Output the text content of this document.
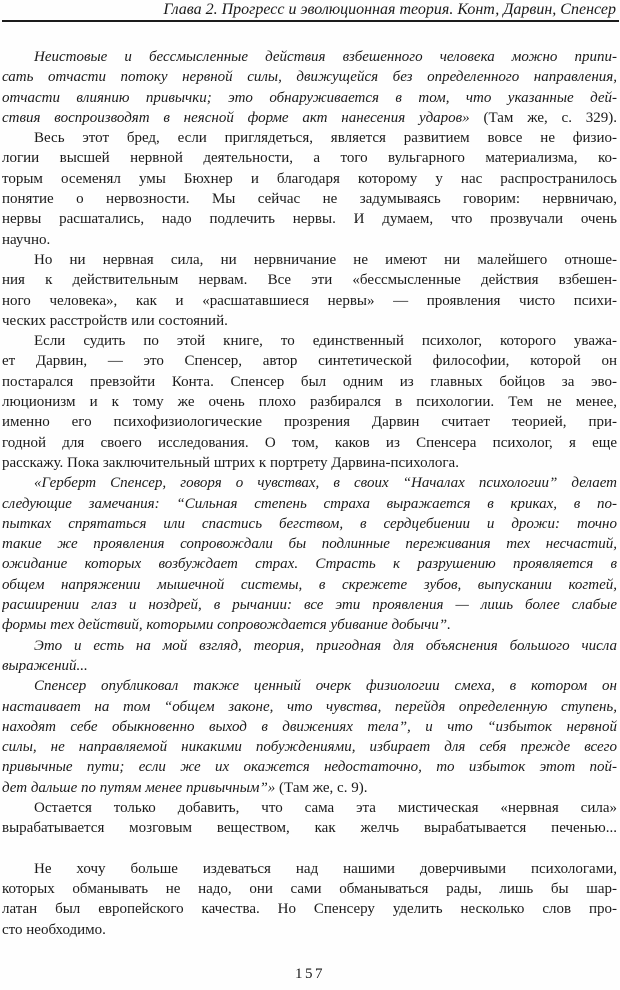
Глава 2. Прогресс и эволюционная теория. Конт, Дарвин, Спенсер
Неистовые и бессмысленные действия взбешенного человека можно припи-
сать отчасти потоку нервной силы, движущейся без определенного направления,
отчасти влиянию привычки; это обнаруживается в том, что указанные дей-
ствия воспроизводят в неясной форме акт нанесения ударов» (Там же, с. 329).
Весь этот бред, если приглядеться, является развитием вовсе не физио-
логии высшей нервной деятельности, а того вульгарного материализма, ко-
торым осеменял умы Бюхнер и благодаря которому у нас распространилось
понятие о нервозности. Мы сейчас не задумываясь говорим: нервничаю,
нервы расшатались, надо подлечить нервы. И думаем, что прозвучали очень
научно.
Но ни нервная сила, ни нервничание не имеют ни малейшего отноше-
ния к действительным нервам. Все эти «бессмысленные действия взбешен-
ного человека», как и «расшатавшиеся нервы» — проявления чисто психи-
ческих расстройств или состояний.
Если судить по этой книге, то единственный психолог, которого уважа-
ет Дарвин, — это Спенсер, автор синтетической философии, которой он
постарался превзойти Конта. Спенсер был одним из главных бойцов за эво-
люционизм и к тому же очень плохо разбирался в психологии. Тем не менее,
именно его психофизиологические прозрения Дарвин считает теорией, при-
годной для своего исследования. О том, каков из Спенсера психолог, я еще
расскажу. Пока заключительный штрих к портрету Дарвина-психолога.
«Герберт Спенсер, говоря о чувствах, в своих “Началах психологии” делает
следующие замечания: “Сильная степень страха выражается в криках, в по-
пытках спрятаться или спастись бегством, в сердцебиении и дрожи: точно
такие же проявления сопровождали бы подлинные переживания тех несчастий,
ожидание которых возбуждает страх. Страсть к разрушению проявляется в
общем напряжении мышечной системы, в скрежете зубов, выпускании когтей,
расширении глаз и ноздрей, в рычании: все эти проявления — лишь более слабые
формы тех действий, которыми сопровождается убивание добычи”.
Это и есть на мой взгляд, теория, пригодная для объяснения большого числа
выражений...
Спенсер опубликовал также ценный очерк физиологии смеха, в котором он
настаивает на том “общем законе, что чувства, перейдя определенную ступень,
находят себе обыкновенно выход в движениях тела”, и что “избыток нервной
силы, не направляемой никакими побуждениями, избирает для себя прежде всего
привычные пути; если же их окажется недостаточно, то избыток этот пой-
дет дальше по путям менее привычным”» (Там же, с. 9).
Остается только добавить, что сама эта мистическая «нервная сила»
вырабатывается мозговым веществом, как желчь вырабатывается печенью...
Не хочу больше издеваться над нашими доверчивыми психологами,
которых обманывать не надо, они сами обманываться рады, лишь бы шар-
латан был европейского качества. Но Спенсеру уделить несколько слов про-
сто необходимо.
157
